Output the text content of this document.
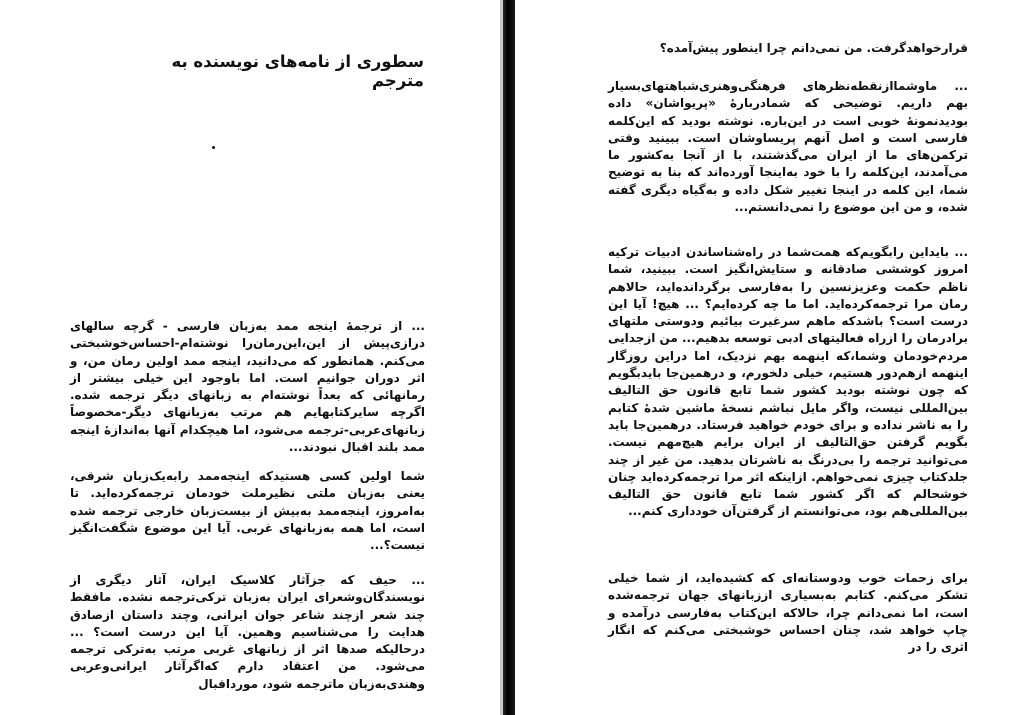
سطوری از نامه‌های نویسنده به مترجم

... از ترجمهٔ اینجه ممد به‌زبان فارسی - گرچه سالهای درازی‌پیش از این،این‌رمان‌را نوشته‌ام-احساس‌خوشبختی می‌کنم. همانطور که می‌دانید، اینجه ممد اولین رمان من، و اثر دوران جوانیم است. اما باوجود این خیلی بیشتر از رمانهائی که بعداً نوشته‌ام به زبانهای دیگر ترجمه شده. اگرچه سایرکتابهایم هم مرتب به‌زبانهای دیگر-مخصوصاً زبانهای‌عربی-ترجمه می‌شود، اما هیچکدام‌ آنها به‌اندازهٔ اینجه ممد بلند اقبال نبودند...

شما اولین کسی هستیدکه اینجه‌ممد رابه‌یک‌زبان شرقی، یعنی به‌زبان ملتی نظیرملت خودمان ترجمه‌کرده‌اید. تا به‌امروز، اینجه‌ممد به‌بیش از بیست‌زبان خارجی ترجمه شده است، اما همه به‌زبانهای غربی. آیا این موضوع شگفت‌انگیز نیست؟...

... حیف که جزآثار کلاسیک ایران، آثار دیگری از نویسندگان‌وشعرای ایران به‌زبان ترکی‌ترجمه نشده. مافقط چند شعر ازچند شاعر جوان ایرانی، وچند داستان ازصادق هدایت را می‌شناسیم وهمین. آیا این درست است؟ ... درحالیکه صدها اثر از زبانهای غربی مرتب به‌ترکی ترجمه می‌شود. من اعتقاد دارم که‌اگرآثار ایرانی‌وعربی وهندی‌به‌زبان ماترجمه شود، مورداقبال

قرارخواهدگرفت. من نمی‌دانم چرا اینطور پیش‌آمده؟

... ماوشماازنقطه‌نظرهای فرهنگی‌وهنری‌شباهتهای‌بسیار بهم داریم. توضیحی که شمادربارهٔ «پریواشان» داده بودیدنمونهٔ خوبی است در این‌باره. نوشته بودید که این‌کلمه فارسی است و اصل آنهم پریساوشان است. ببینید وقتی ترکمن‌های ما از ایران می‌گذشتند، با از آنجا به‌کشور ما می‌آمدند، این‌کلمه را با خود به‌اینجا آورده‌اند که بنا به توضیح شما، این کلمه در اینجا تغییر شکل داده و به‌گیاه دیگری گفته شده، و من این موضوع را نمی‌دانستم...

... بایداین رابگویم‌که همت‌شما در راه‌شناساندن ادبیات ترکیه امروز کوششی صادقانه و ستایش‌انگیز است. ببینید، شما ناظم حکمت وعزیزنسین را به‌فارسی برگردانده‌اید، حالاهم رمان مرا ترجمه‌کرده‌اید. اما ما چه کرده‌ایم؟ ... هیچ! آیا این درست است؟ باشدکه ماهم سرغیرت بیائیم ودوستی ملتهای برادرمان را ازراه فعالیتهای ادبی توسعه بدهیم... من ازجدایی مردم‌خودمان وشما،که اینهمه بهم نزدیک، اما دراین روزگار اینهمه ازهم‌دور هستیم، خیلی دلخورم، و درهمین‌جا بایدبگویم که چون نوشته بودید کشور شما تابع قانون حق التالیف بین‌المللی نیست، واگر مایل نباشم نسخهٔ ماشین شدهٔ کتابم را به ناشر نداده و برای خودم خواهید فرستاد. درهمین‌جا باید بگویم گرفتن حق‌التالیف از ایران برایم هیچ‌مهم نیست. می‌توانید ترجمه را بی‌درنگ به ناشرتان بدهید. من غیر از چند جلدکتاب چیزی نمی‌خواهم. ازاینکه اثر مرا ترجمه‌کرده‌اید چنان خوشحالم که اگر کشور شما تابع قانون حق التالیف بین‌المللی‌هم بود، می‌توانستم از گرفتن‌آن خودداری کنم...

برای زحمات خوب ودوستانه‌ای که کشیده‌اید، از شما خیلی تشکر می‌کنم. کتابم به‌بسیاری اززبانهای جهان ترجمه‌شده است، اما نمی‌دانم چرا، حالاکه این‌کتاب به‌فارسی درآمده و چاپ خواهد شد، چنان احساس خوشبختی می‌کنم که انگار اثری را در
